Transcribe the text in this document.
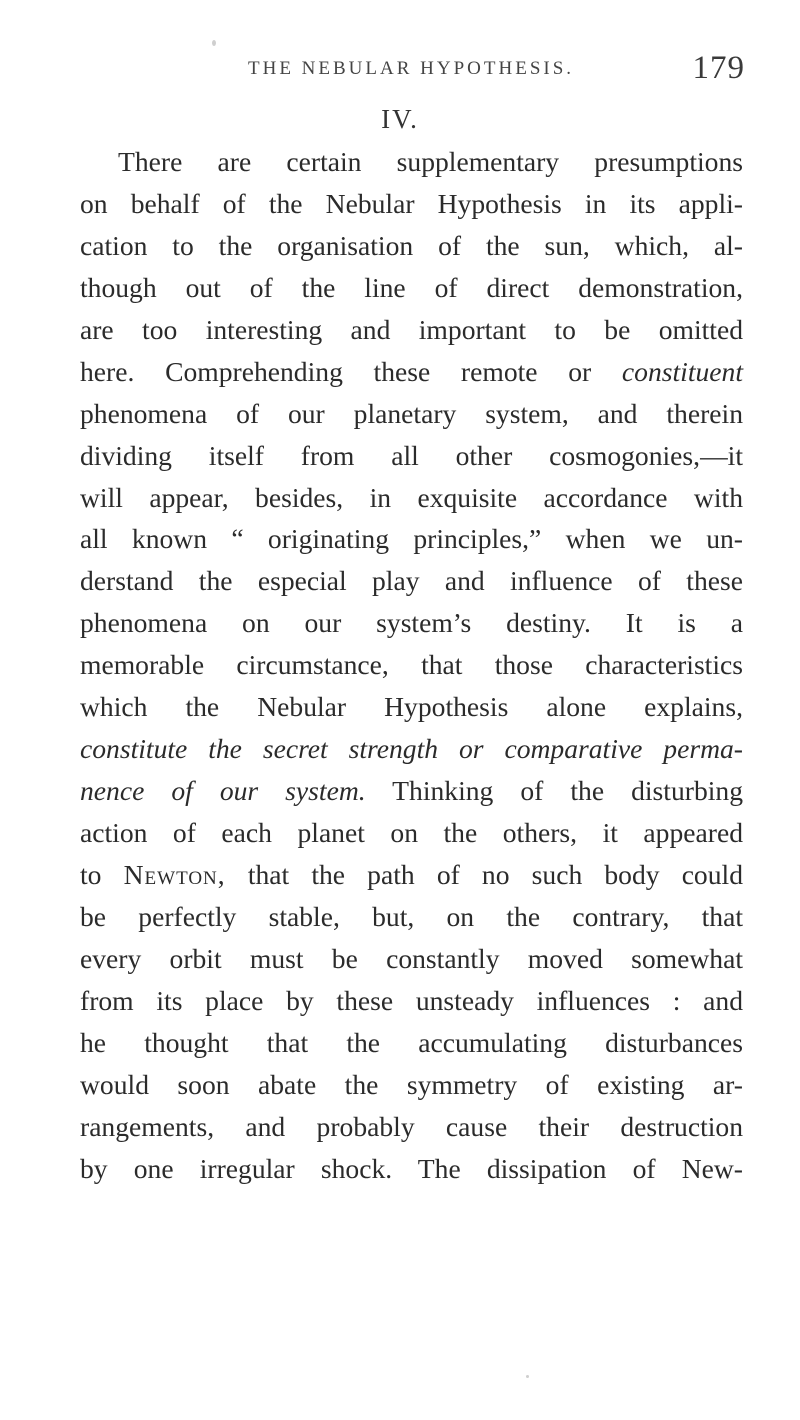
THE NEBULAR HYPOTHESIS.	179
IV.
There are certain supplementary presumptions
on behalf of the Nebular Hypothesis in its appli-
cation to the organisation of the sun, which, al-
though out of the line of direct demonstration,
are too interesting and important to be omitted
here. Comprehending these remote or constituent
phenomena of our planetary system, and therein
dividing itself from all other cosmogonies,—it
will appear, besides, in exquisite accordance with
all known “ originating principles,” when we un-
derstand the especial play and influence of these
phenomena on our system’s destiny. It is a
memorable circumstance, that those characteristics
which the Nebular Hypothesis alone explains,
constitute the secret strength or comparative perma-
nence of our system. Thinking of the disturbing
action of each planet on the others, it appeared
to Newton, that the path of no such body could
be perfectly stable, but, on the contrary, that
every orbit must be constantly moved somewhat
from its place by these unsteady influences : and
he thought that the accumulating disturbances
would soon abate the symmetry of existing ar-
rangements, and probably cause their destruction
by one irregular shock. The dissipation of New-
